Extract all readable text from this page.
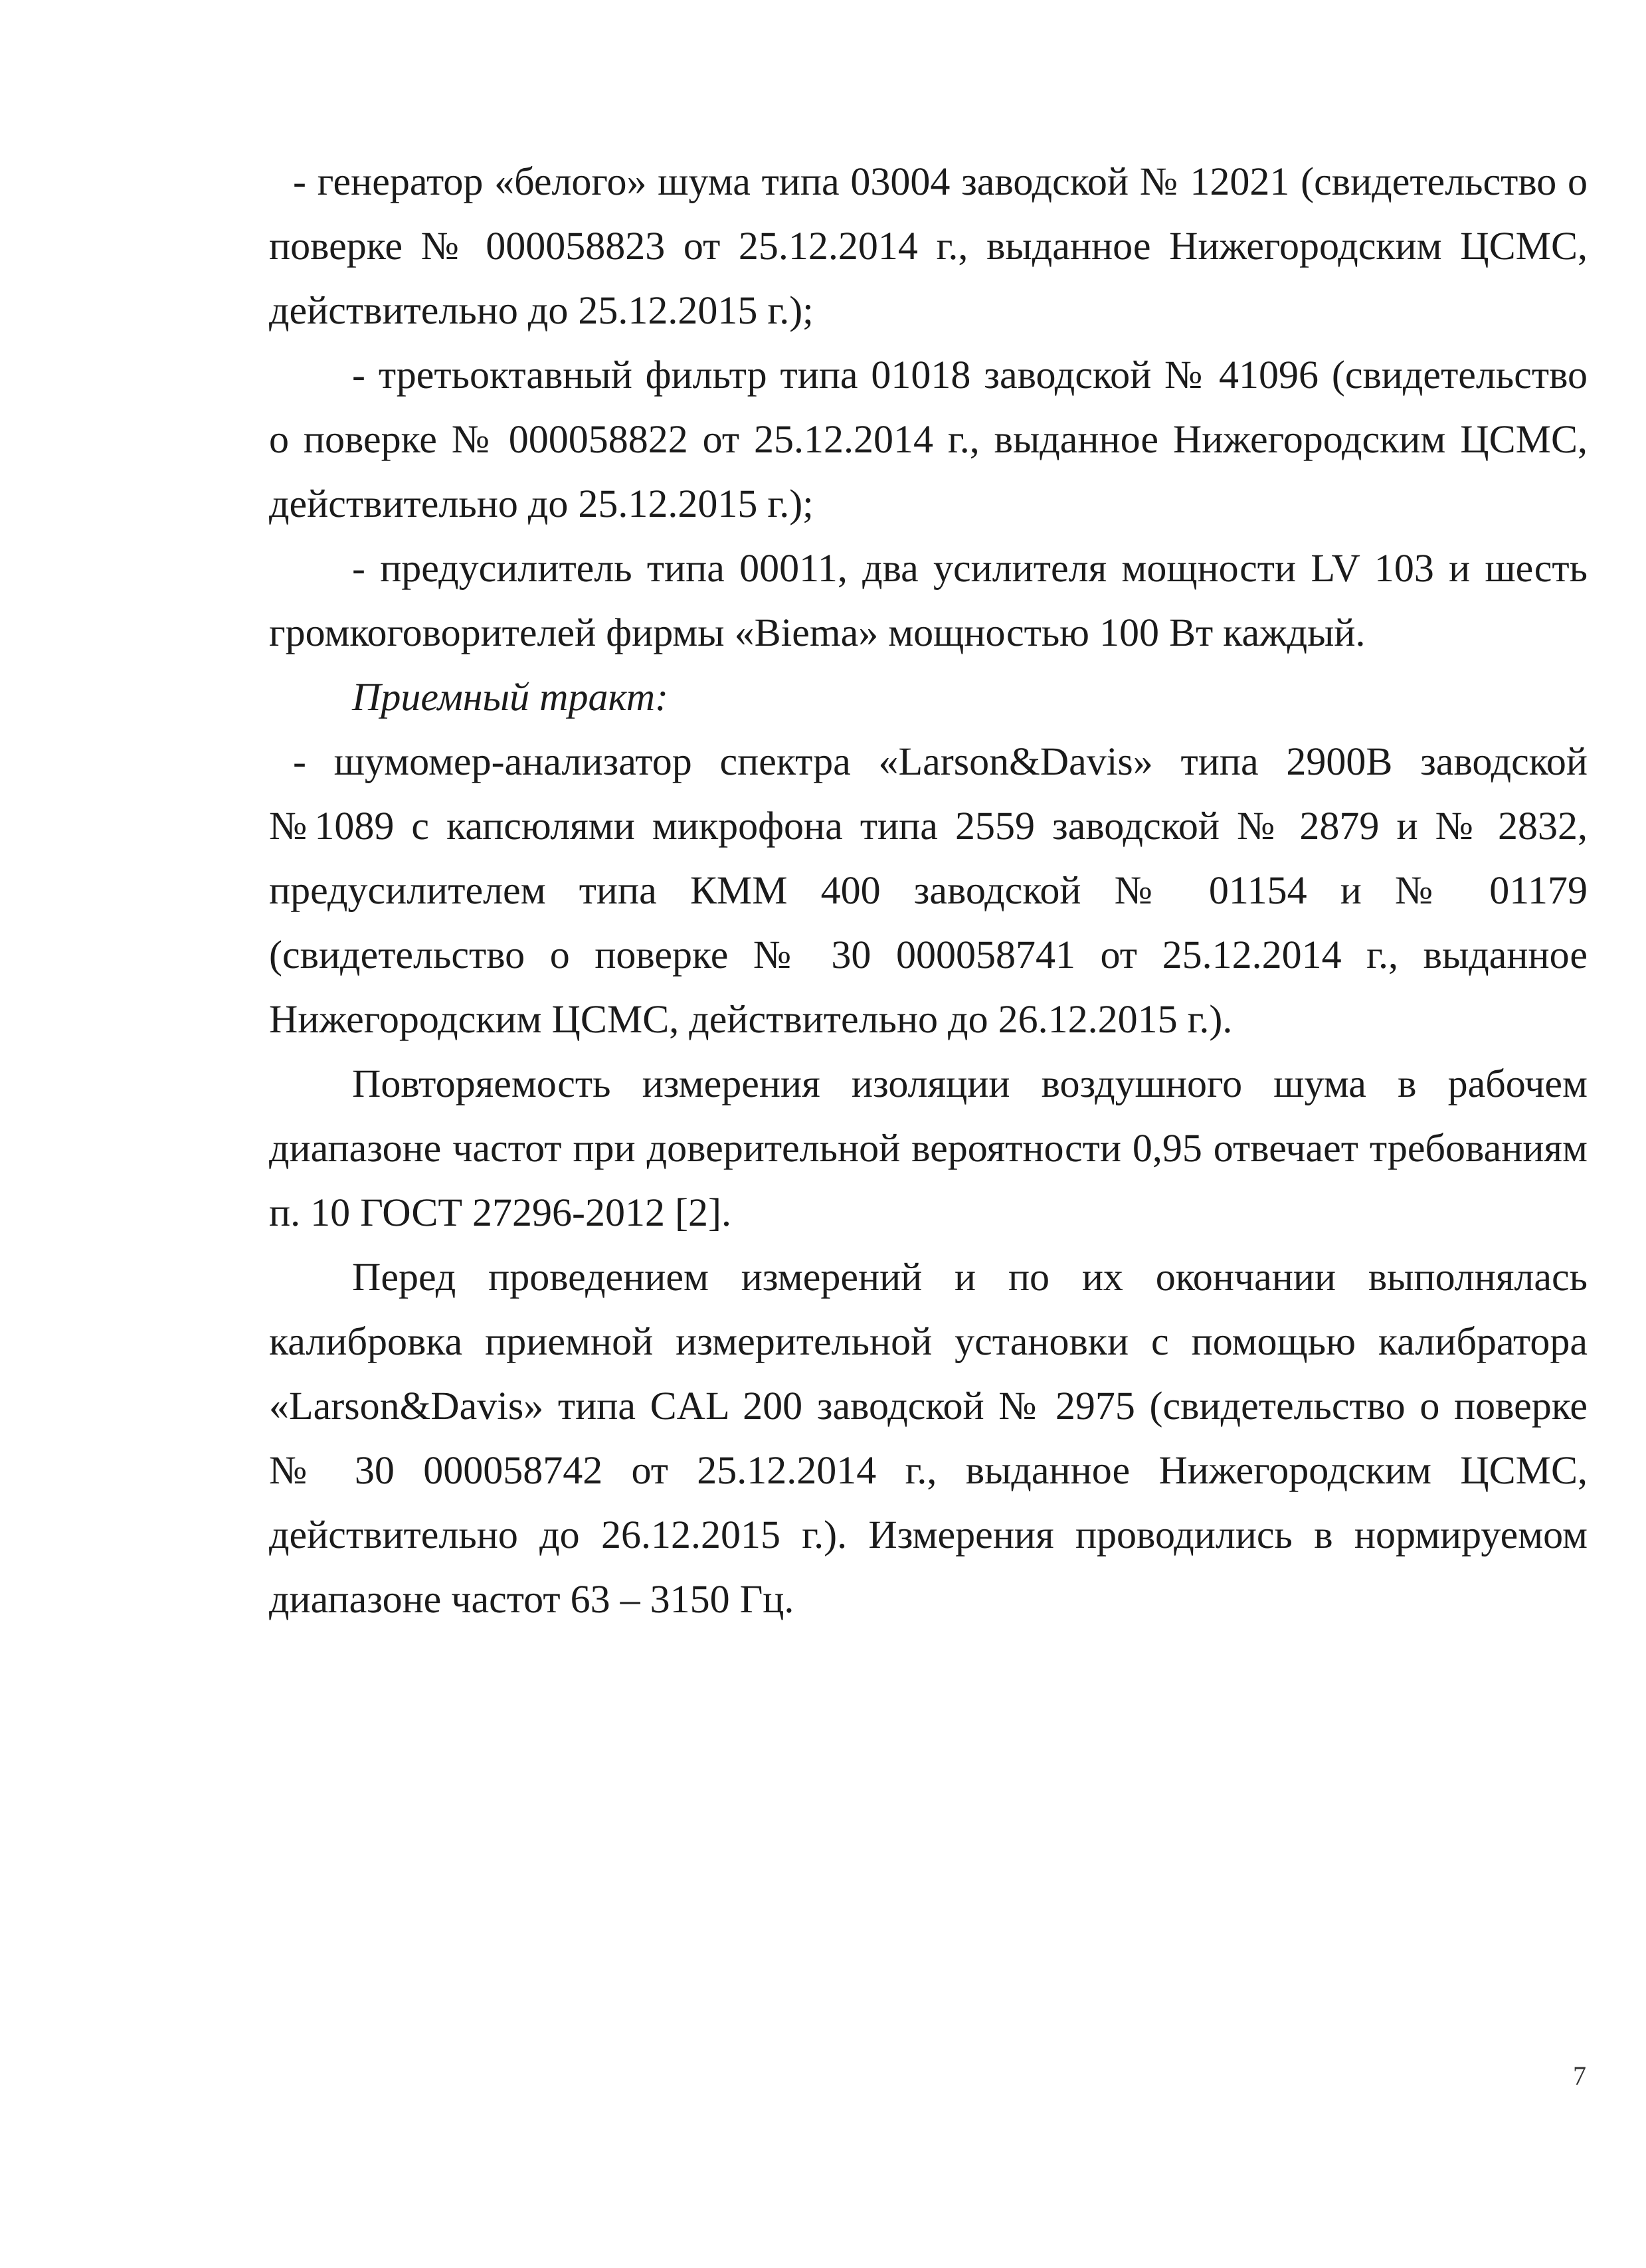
- генератор «белого» шума типа 03004 заводской № 12021 (свидетельство о поверке № 000058823 от 25.12.2014 г., выданное Нижегородским ЦСМС, действительно до 25.12.2015 г.);

- третьоктавный фильтр типа 01018 заводской № 41096 (свидетельство о поверке № 000058822 от 25.12.2014 г., выданное Нижегородским ЦСМС, действительно до 25.12.2015 г.);

- предусилитель типа 00011, два усилителя мощности LV 103 и шесть громкоговорителей фирмы «Biema» мощностью 100 Вт каждый.

Приемный тракт:

- шумомер-анализатор спектра «Larson&Davis» типа 2900B заводской №1089 с капсюлями микрофона типа 2559 заводской № 2879 и № 2832, предусилителем типа КММ 400 заводской № 01154 и № 01179 (свидетельство о поверке № 30 000058741 от 25.12.2014 г., выданное Нижегородским ЦСМС, действительно до 26.12.2015 г.).

Повторяемость измерения изоляции воздушного шума в рабочем диапазоне частот при доверительной вероятности 0,95 отвечает требованиям п. 10 ГОСТ 27296-2012 [2].

Перед проведением измерений и по их окончании выполнялась калибровка приемной измерительной установки с помощью калибратора «Larson&Davis» типа CAL 200 заводской № 2975 (свидетельство о поверке № 30 000058742 от 25.12.2014 г., выданное Нижегородским ЦСМС, действительно до 26.12.2015 г.). Измерения проводились в нормируемом диапазоне частот 63 – 3150 Гц.

7
